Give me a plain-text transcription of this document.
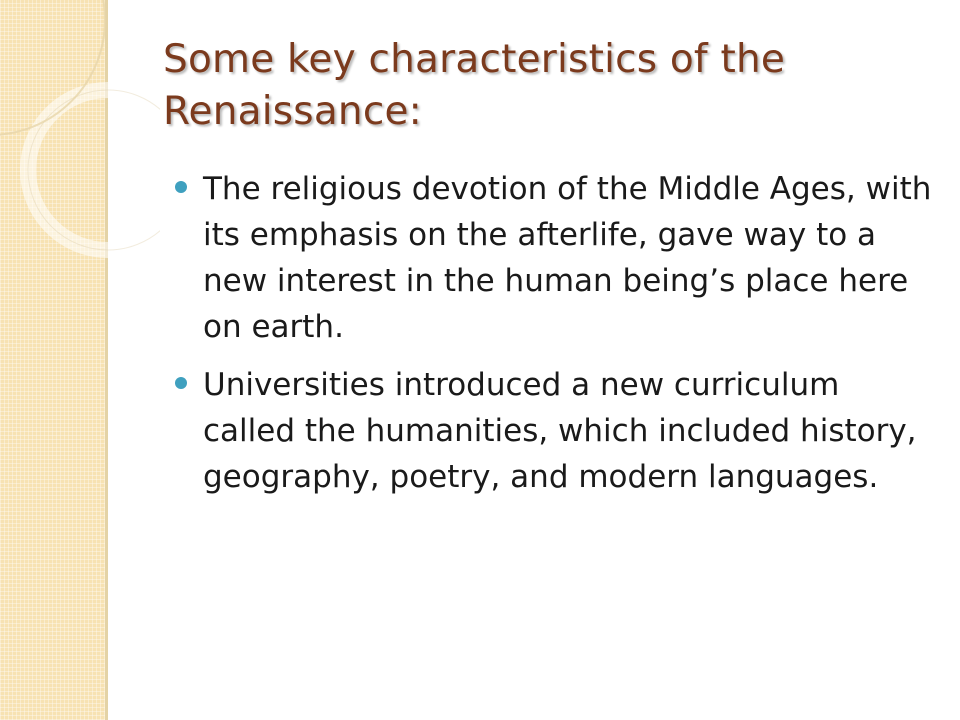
Some key characteristics of the Renaissance:
The religious devotion of the Middle Ages, with its emphasis on the afterlife, gave way to a new interest in the human being’s place here on earth.
Universities introduced a new curriculum called the humanities, which included history, geography, poetry, and modern languages.
